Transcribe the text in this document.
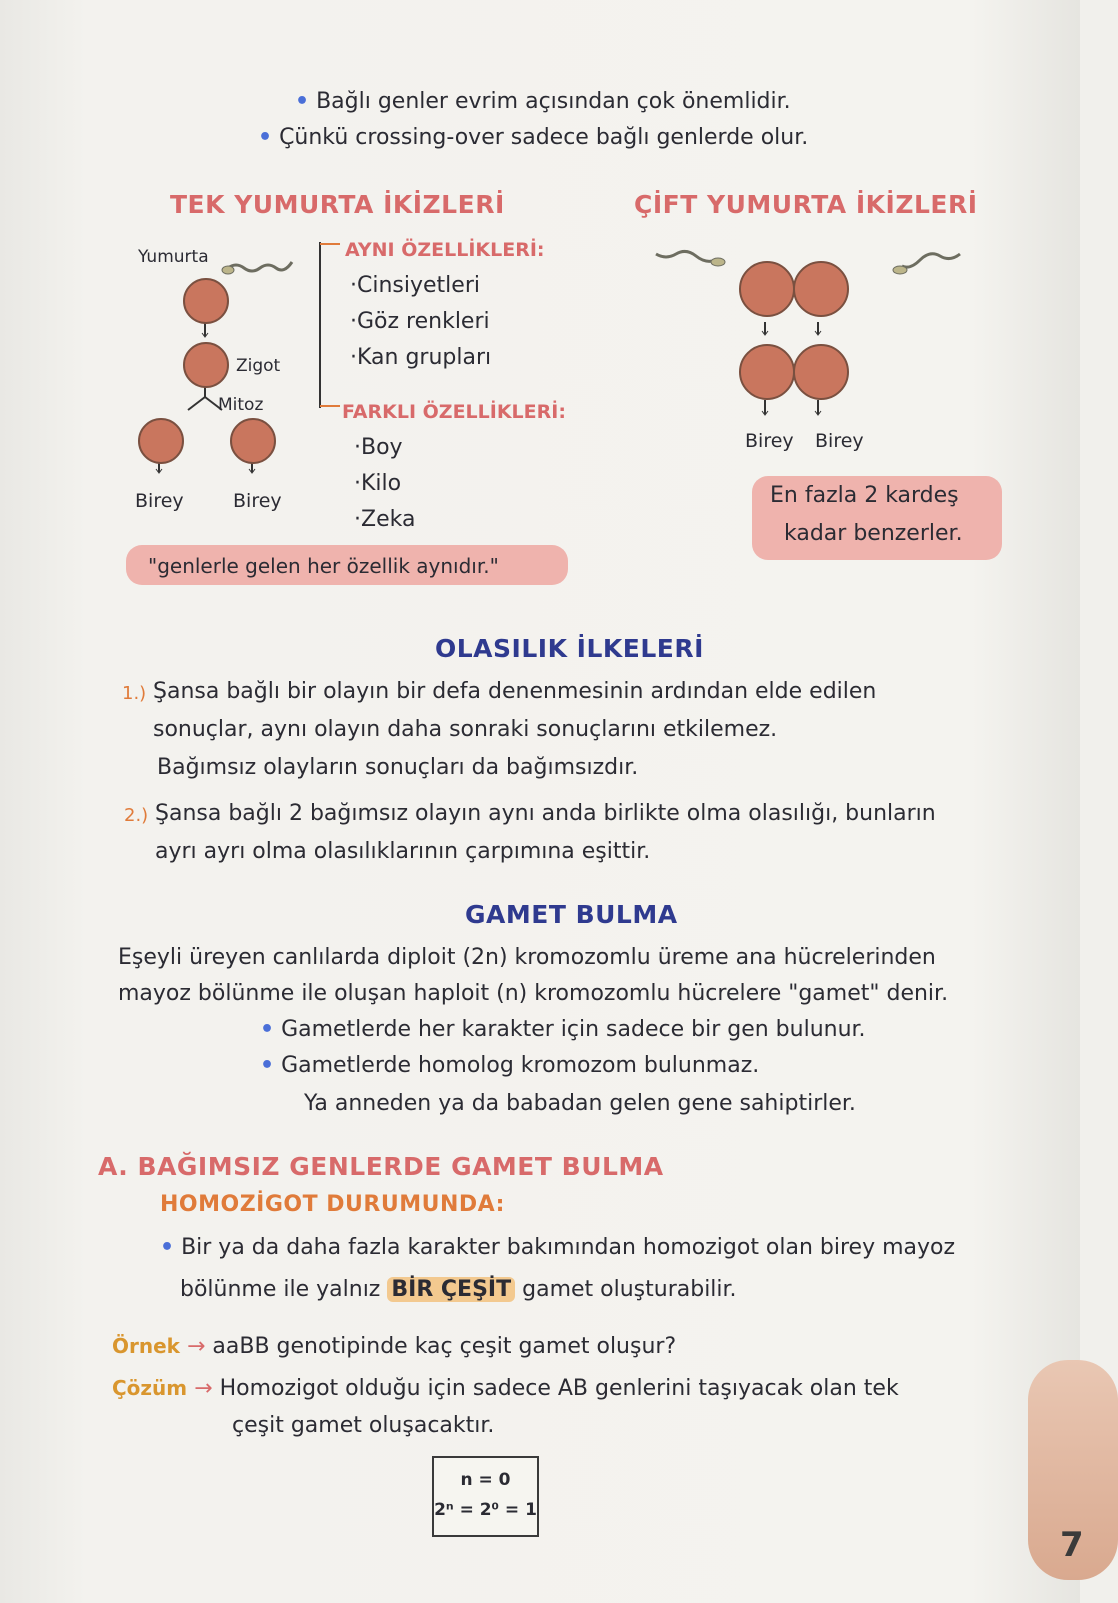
• Bağlı genler evrim açısından çok önemlidir.
• Çünkü crossing-over sadece bağlı genlerde olur.
TEK YUMURTA İKİZLERİ
Yumurta
Zigot
Mitoz
Birey	Birey
AYNI ÖZELLİKLERİ:
·Cinsiyetleri
·Göz renkleri
·Kan grupları
FARKLI ÖZELLİKLERİ:
·Boy
·Kilo
·Zeka
"genlerle gelen her özellik aynıdır."
ÇİFT YUMURTA İKİZLERİ
Birey Birey
En fazla 2 kardeş
kadar benzerler.
OLASILIK İLKELERİ
1.) Şansa bağlı bir olayın bir defa denenmesinin ardından elde edilen
sonuçlar, aynı olayın daha sonraki sonuçlarını etkilemez.
Bağımsız olayların sonuçları da bağımsızdır.
2.) Şansa bağlı 2 bağımsız olayın aynı anda birlikte olma olasılığı, bunların
ayrı ayrı olma olasılıklarının çarpımına eşittir.
GAMET BULMA
Eşeyli üreyen canlılarda diploit (2n) kromozomlu üreme ana hücrelerinden
mayoz bölünme ile oluşan haploit (n) kromozomlu hücrelere "gamet" denir.
• Gametlerde her karakter için sadece bir gen bulunur.
• Gametlerde homolog kromozom bulunmaz.
Ya anneden ya da babadan gelen gene sahiptirler.
A. BAĞIMSIZ GENLERDE GAMET BULMA
HOMOZİGOT DURUMUNDA:
• Bir ya da daha fazla karakter bakımından homozigot olan birey mayoz
bölünme ile yalnız BİR ÇEŞİT gamet oluşturabilir.
Örnek → aaBB genotipinde kaç çeşit gamet oluşur?
Çözüm → Homozigot olduğu için sadece AB genlerini taşıyacak olan tek
çeşit gamet oluşacaktır.
n = 0
2ⁿ = 2⁰ = 1
7
